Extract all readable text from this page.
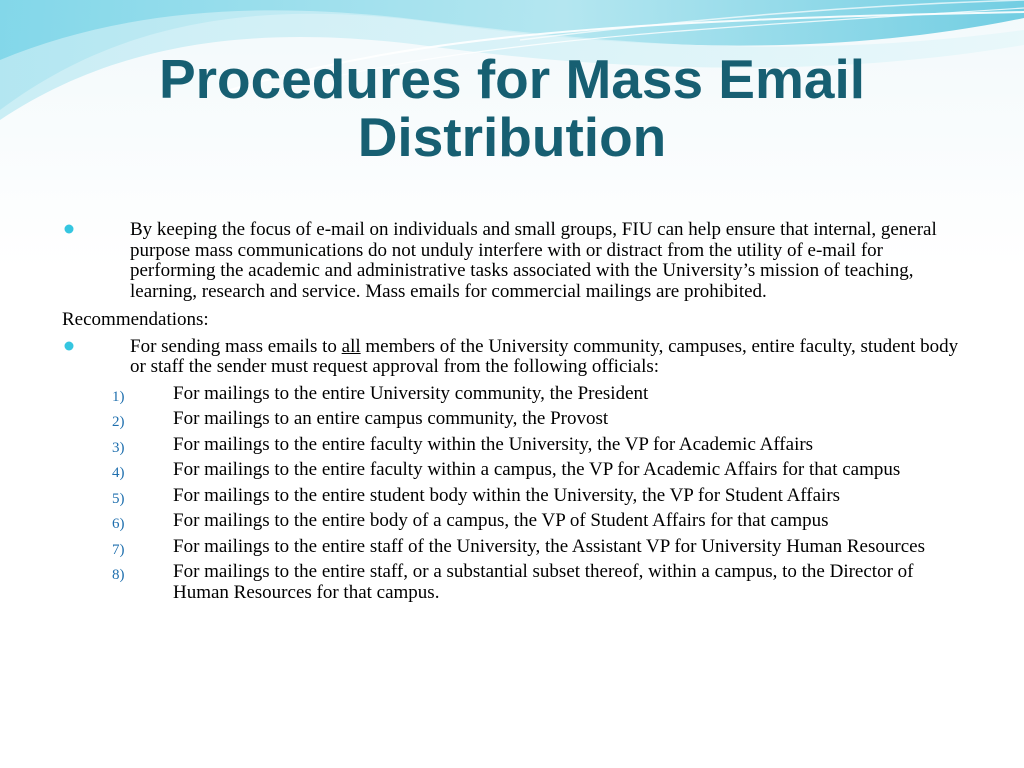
Procedures for Mass Email Distribution
By keeping the focus of e-mail on individuals and small groups, FIU can help ensure that internal, general purpose mass communications do not unduly interfere with or distract from the utility of e-mail for performing the academic and administrative tasks associated with the University’s mission of teaching, learning, research and service. Mass emails for commercial mailings are prohibited.
Recommendations:
For sending mass emails to all members of the University community, campuses, entire faculty, student body or staff the sender must request approval from the following officials:
1)	For mailings to the entire University community, the President
2)	For mailings to an entire campus community, the Provost
3)	For mailings to the entire faculty within the University, the VP for Academic Affairs
4)	For mailings to the entire faculty within a campus, the VP for Academic Affairs for that campus
5)	For mailings to the entire student body within the University, the VP for Student Affairs
6)	For mailings to the entire body of a campus, the VP of Student Affairs for that campus
7)	For mailings to the entire staff of the University, the Assistant VP for University Human Resources
8)	For mailings to the entire staff, or a substantial subset thereof, within a campus, to the Director of Human Resources for that campus.
